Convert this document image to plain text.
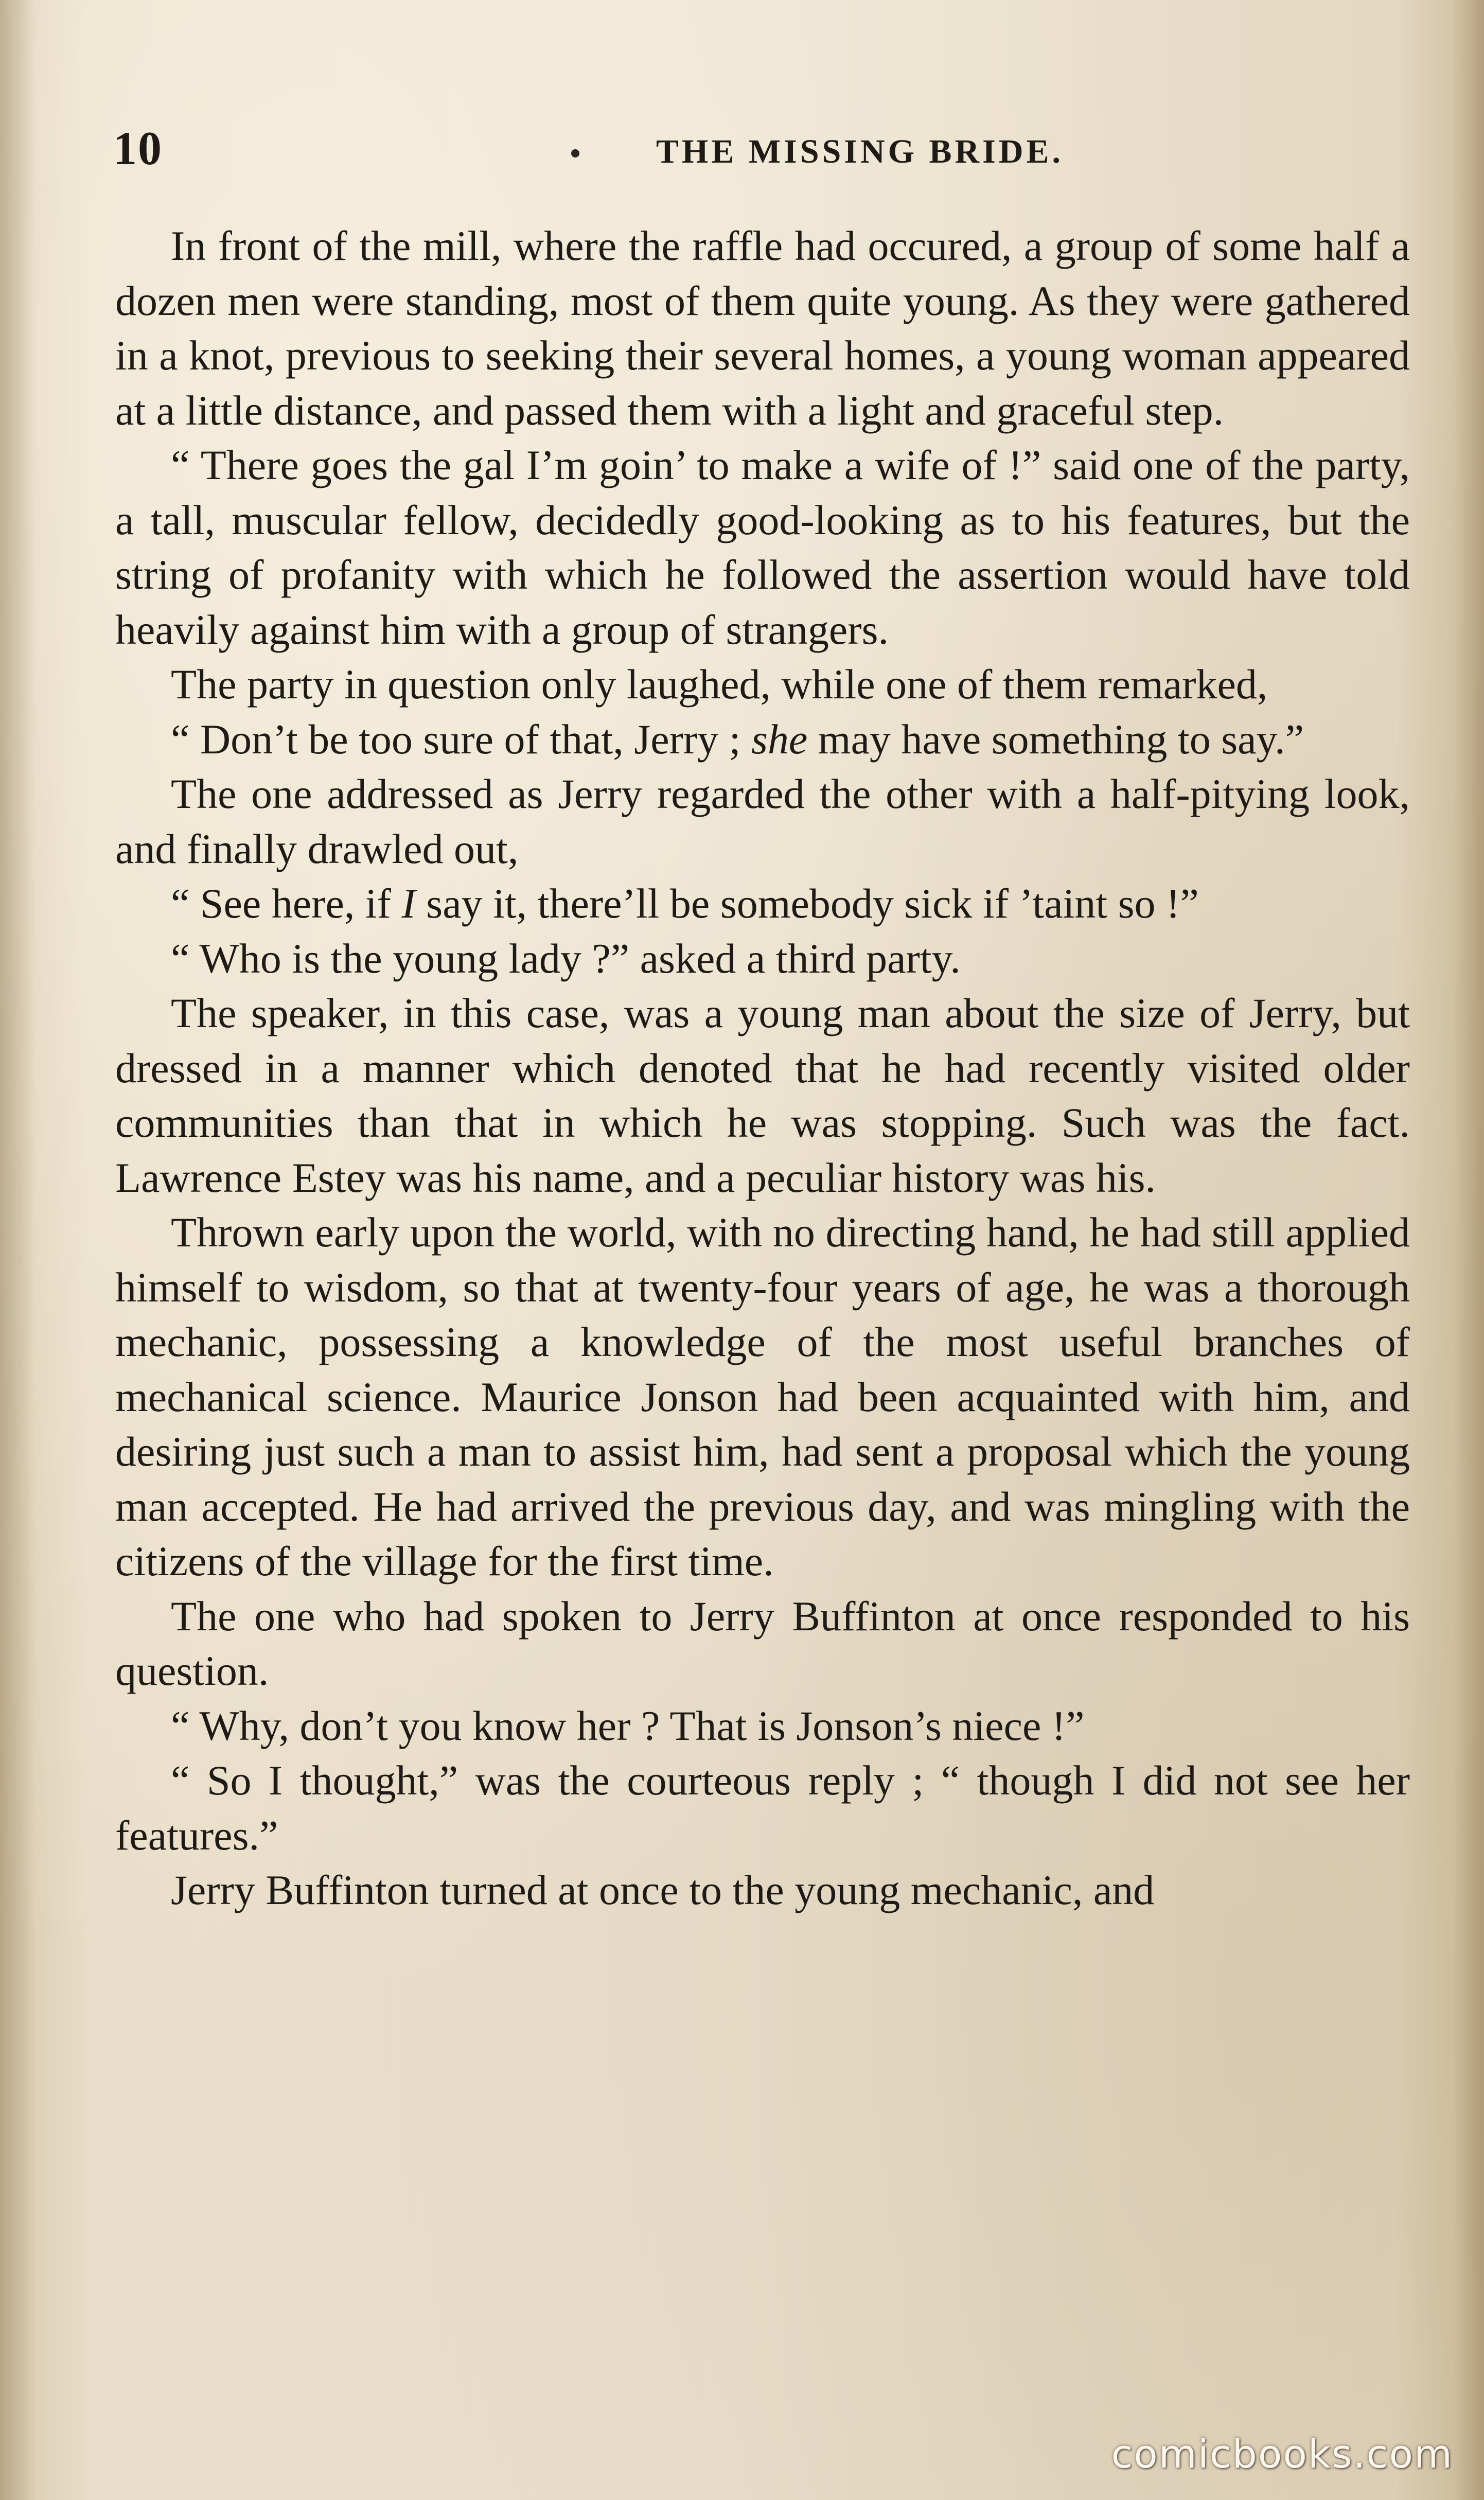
10	THE MISSING BRIDE.

In front of the mill, where the raffle had occured, a group of some half a dozen men were standing, most of them quite young. As they were gathered in a knot, previous to seeking their several homes, a young woman appeared at a little distance, and passed them with a light and graceful step.

“ There goes the gal I’m goin’ to make a wife of !” said one of the party, a tall, muscular fellow, decidedly good-looking as to his features, but the string of profanity with which he followed the assertion would have told heavily against him with a group of strangers.

The party in question only laughed, while one of them remarked,

“ Don’t be too sure of that, Jerry ; she may have something to say.”

The one addressed as Jerry regarded the other with a half-pitying look, and finally drawled out,

“ See here, if I say it, there’ll be somebody sick if ’taint so !”

“ Who is the young lady ?” asked a third party.

The speaker, in this case, was a young man about the size of Jerry, but dressed in a manner which denoted that he had recently visited older communities than that in which he was stopping. Such was the fact. Lawrence Estey was his name, and a peculiar history was his.

Thrown early upon the world, with no directing hand, he had still applied himself to wisdom, so that at twenty-four years of age, he was a thorough mechanic, possessing a knowledge of the most useful branches of mechanical science. Maurice Jonson had been acquainted with him, and desiring just such a man to assist him, had sent a proposal which the young man accepted. He had arrived the previous day, and was mingling with the citizens of the village for the first time.

The one who had spoken to Jerry Buffinton at once responded to his question.

“ Why, don’t you know her ? That is Jonson’s niece !”

“ So I thought,” was the courteous reply ; “ though I did not see her features.”

Jerry Buffinton turned at once to the young mechanic, and

comicbooks.com
